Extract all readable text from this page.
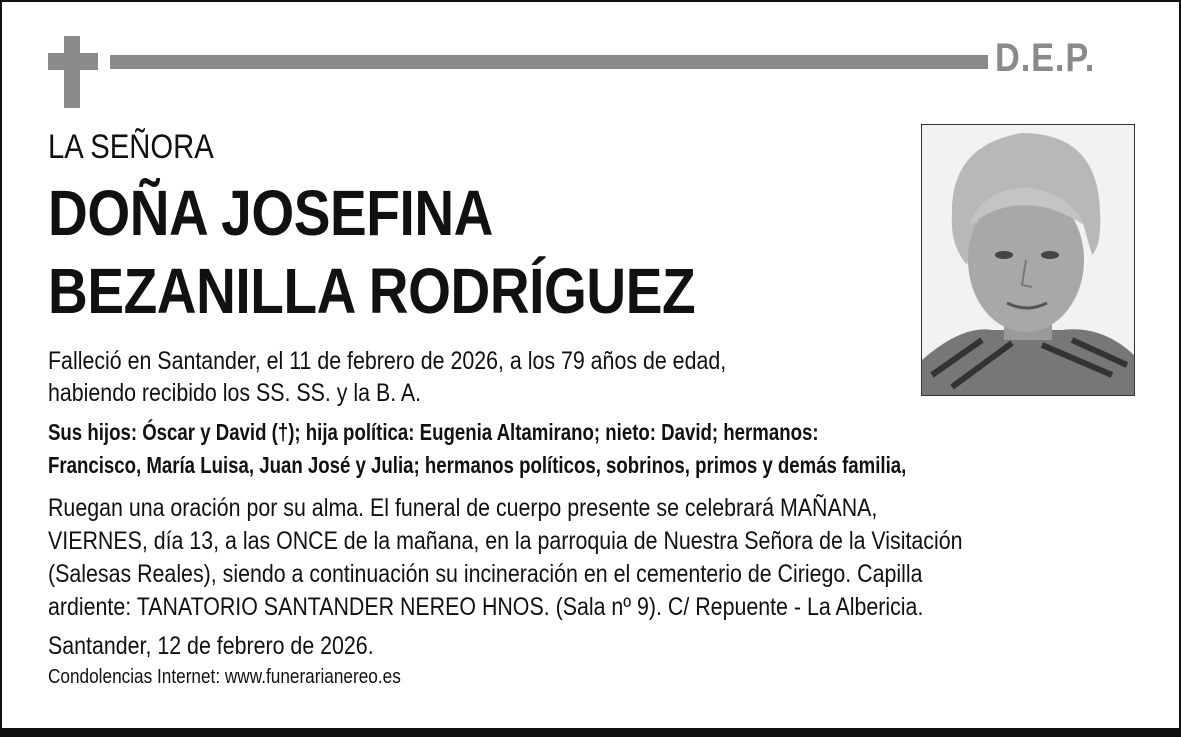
D.E.P.
LA SEÑORA
DOÑA JOSEFINA
BEZANILLA RODRÍGUEZ
Falleció en Santander, el 11 de febrero de 2026, a los 79 años de edad,
habiendo recibido los SS. SS. y la B. A.
Sus hijos: Óscar y David (†); hija política: Eugenia Altamirano; nieto: David; hermanos:
Francisco, María Luisa, Juan José y Julia; hermanos políticos, sobrinos, primos y demás familia,
Ruegan una oración por su alma. El funeral de cuerpo presente se celebrará MAÑANA,
VIERNES, día 13, a las ONCE de la mañana, en la parroquia de Nuestra Señora de la Visitación
(Salesas Reales), siendo a continuación su incineración en el cementerio de Ciriego. Capilla
ardiente: TANATORIO SANTANDER NEREO HNOS. (Sala nº 9). C/ Repuente - La Albericia.
Santander, 12 de febrero de 2026.
Condolencias Internet: www.funerarianereo.es
